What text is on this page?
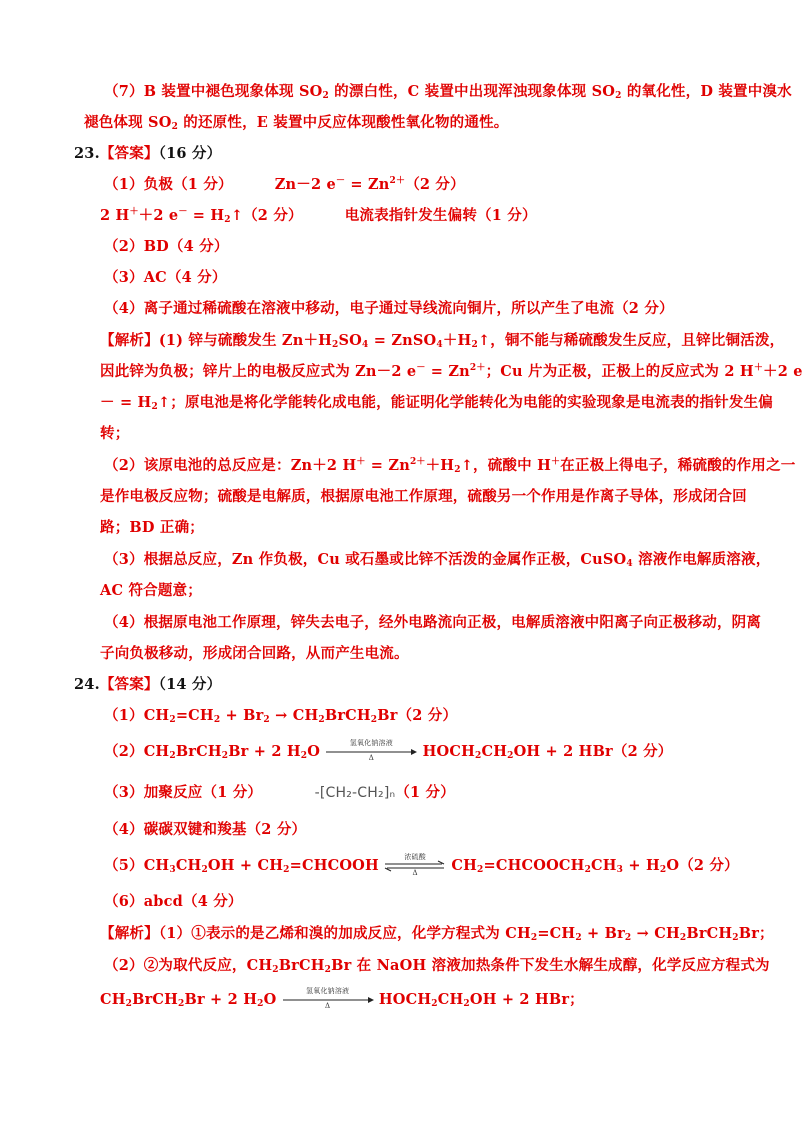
（7）B 装置中褪色现象体现 $SO_2$ 的漂白性，C 装置中出现浑浊现象体现 $SO_2$ 的氧化性，D 装置中溴水
褪色体现 $SO_2$ 的还原性，E 装置中反应体现酸性氧化物的通性。
23.【答案】（16 分）
（1）负极（1 分）	Zn－2 $e^- = Zn^{2+}(2$ 分）
2 H＋＋2 $e^- = H_2↑(2$ 分）	电流表指针发生偏转（1 分）
（2）BD（4 分）
（3）AC（4 分）
（4）离子通过稀硫酸在溶液中移动，电子通过导线流向铜片，所以产生了电流（2 分）
【解析】(1) 锌与硫酸发生 $Zn+H_2SO_4$ = $ZnSO_4+H_2↑$，铜不能与稀硫酸发生反应，且锌比铜活泼，
因此锌为负极；锌片上的电极反应式为 Zn－2 $e^- = Zn^{2+}$；Cu 片为正极，正极上的反应式为 2 H＋＋2 e
－ = $H_2↑$；原电池是将化学能转化成电能，能证明化学能转化为电能的实验现象是电流表的指针发生偏
转；
（2）该原电池的总反应是：Zn＋2 $H^+ = Zn^{2+}+H_2↑$，硫酸中 H＋在正极上得电子，稀硫酸的作用之一
是作电极反应物；硫酸是电解质，根据原电池工作原理，硫酸另一个作用是作离子导体，形成闭合回
路；BD 正确；
（3）根据总反应，Zn 作负极，Cu 或石墨或比锌不活泼的金属作正极，CuSO$_4$ 溶液作电解质溶液，
AC 符合题意；
（4）根据原电池工作原理，锌失去电子，经外电路流向正极，电解质溶液中阳离子向正极移动，阴离
子向负极移动，形成闭合回路，从而产生电流。
24.【答案】（14 分）
$(1)CH_2=CH_2 + Br_2$ → $CH_2BrCH_2Br(2$ 分）
$(2)CH_2BrCH_2Br + 2$ $H_2O$	氢氧化钠溶液
Δ	$HOCH_2CH_2OH + 2$ HBr（2 分）
（3）加聚反应（1 分）	-[CH₂-CH₂]ₙ（1 分）
（4）碳碳双键和羧基（2 分）
$(5)CH_3CH_2OH$ + $CH_2=CHCOOH$	浓硫酸
Δ	$CH_2=CHCOOCH_2CH_3 + H_2O(2$ 分）
（6）abcd（4 分）
【解析】（1）①表示的是乙烯和溴的加成反应，化学方程式为 $CH_2=CH_2 + Br_2$ → $CH_2BrCH_2Br$；
（2）②为取代反应，$CH_2BrCH_2Br$ 在 NaOH 溶液加热条件下发生水解生成醇，化学反应方程式为
$CH_2BrCH_2Br + 2$ $H_2O$	氢氧化钠溶液
Δ	$HOCH_2CH_2OH + 2$ HBr；
